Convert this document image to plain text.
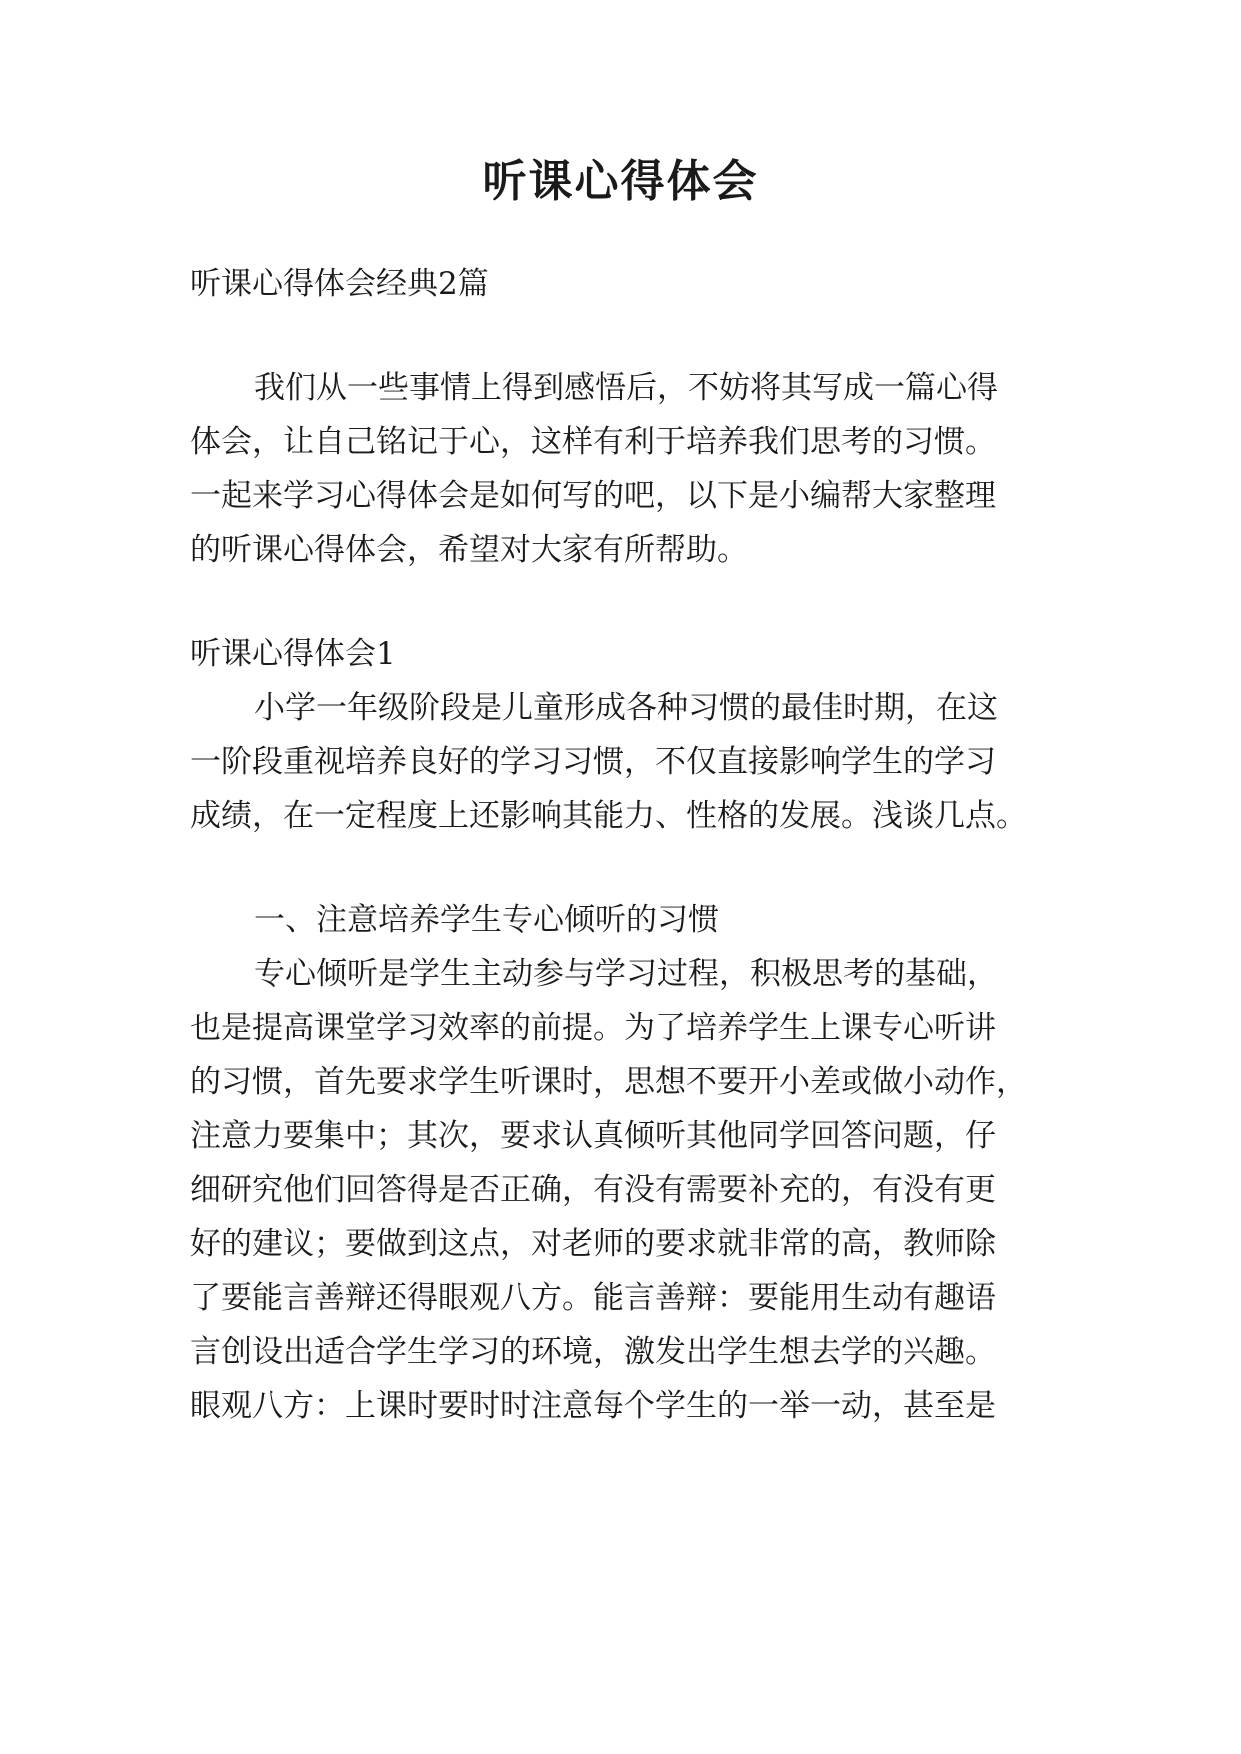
听课心得体会

听课心得体会经典2篇

我们从一些事情上得到感悟后，不妨将其写成一篇心得

体会，让自己铭记于心，这样有利于培养我们思考的习惯。

一起来学习心得体会是如何写的吧，以下是小编帮大家整理

的听课心得体会，希望对大家有所帮助。

听课心得体会1

小学一年级阶段是儿童形成各种习惯的最佳时期，在这

一阶段重视培养良好的学习习惯，不仅直接影响学生的学习

成绩，在一定程度上还影响其能力、性格的发展。浅谈几点。

一、注意培养学生专心倾听的习惯

专心倾听是学生主动参与学习过程，积极思考的基础，

也是提高课堂学习效率的前提。为了培养学生上课专心听讲

的习惯，首先要求学生听课时，思想不要开小差或做小动作，

注意力要集中；其次，要求认真倾听其他同学回答问题，仔

细研究他们回答得是否正确，有没有需要补充的，有没有更

好的建议；要做到这点，对老师的要求就非常的高，教师除

了要能言善辩还得眼观八方。能言善辩：要能用生动有趣语

言创设出适合学生学习的环境，激发出学生想去学的兴趣。

眼观八方：上课时要时时注意每个学生的一举一动，甚至是
